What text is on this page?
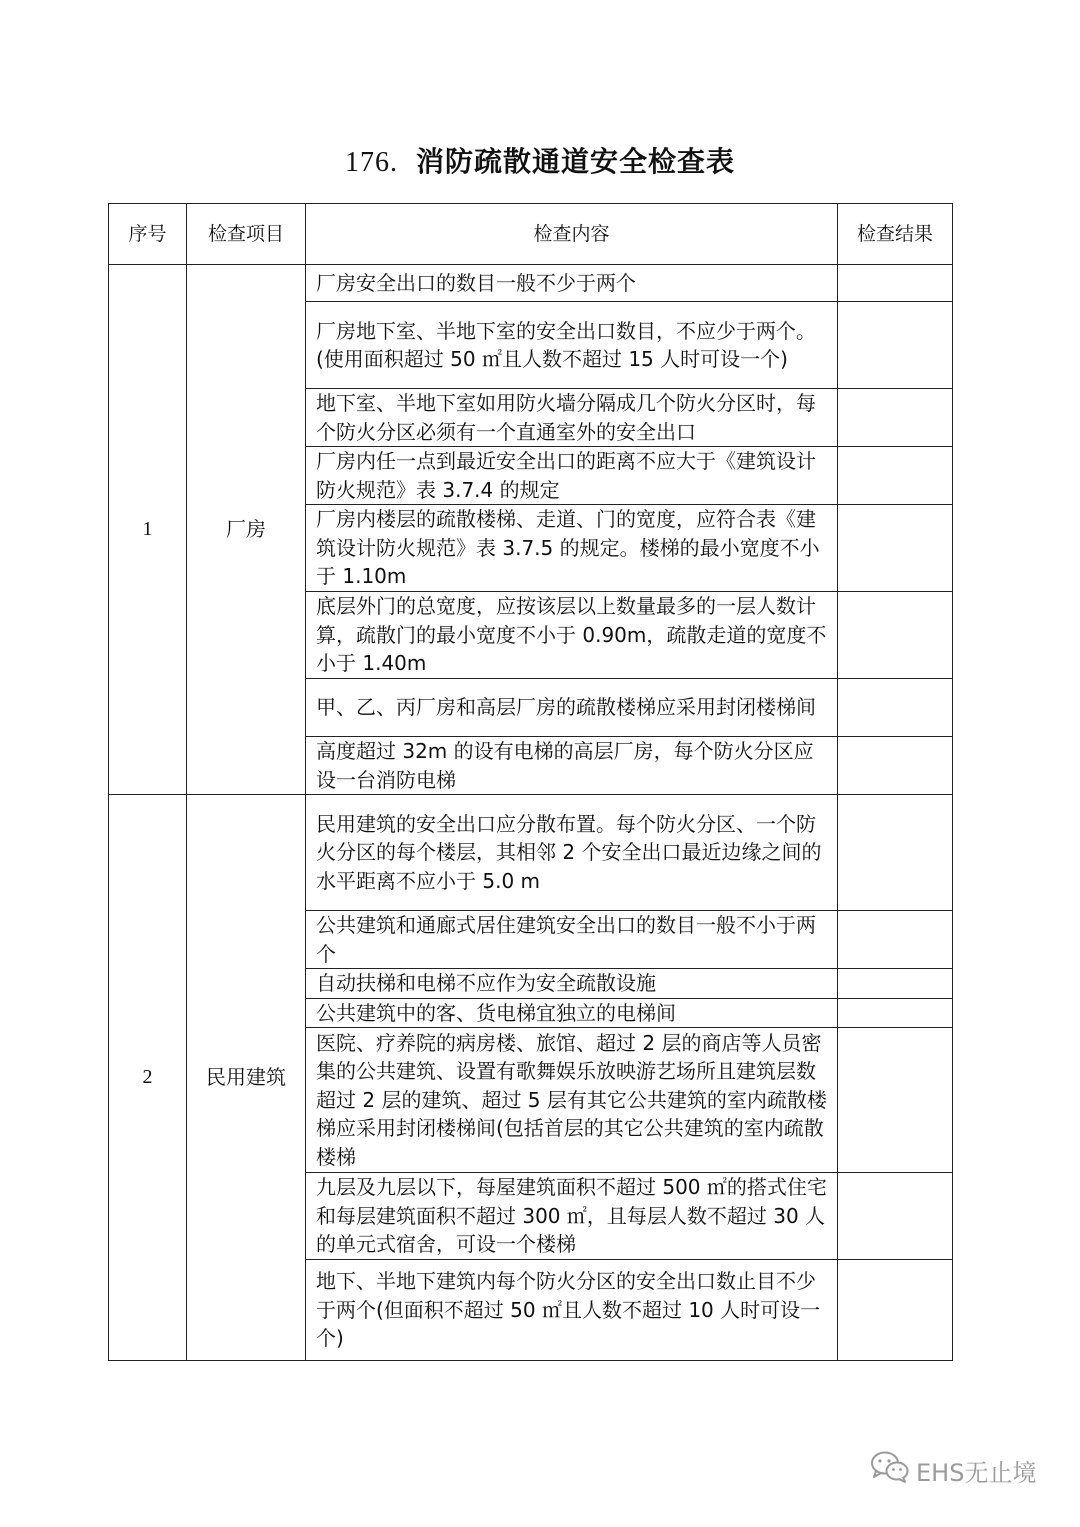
176. 消防疏散通道安全检查表
序号	检查项目	检查内容	检查结果
1	厂房	厂房安全出口的数目一般不少于两个	
		厂房地下室、半地下室的安全出口数目，不应少于两个。(使用面积超过 50 ㎡且人数不超过 15 人时可设一个)	
		地下室、半地下室如用防火墙分隔成几个防火分区时，每个防火分区必须有一个直通室外的安全出口	
		厂房内任一点到最近安全出口的距离不应大于《建筑设计防火规范》表 3.7.4 的规定	
		厂房内楼层的疏散楼梯、走道、门的宽度，应符合表《建筑设计防火规范》表 3.7.5 的规定。楼梯的最小宽度不小于 1.10m	
		底层外门的总宽度，应按该层以上数量最多的一层人数计算，疏散门的最小宽度不小于 0.90m，疏散走道的宽度不小于 1.40m	
		甲、乙、丙厂房和高层厂房的疏散楼梯应采用封闭楼梯间	
		高度超过 32m 的设有电梯的高层厂房，每个防火分区应设一台消防电梯	
2	民用建筑	民用建筑的安全出口应分散布置。每个防火分区、一个防火分区的每个楼层，其相邻 2 个安全出口最近边缘之间的水平距离不应小于 5.0 m	
		公共建筑和通廊式居住建筑安全出口的数目一般不小于两个	
		自动扶梯和电梯不应作为安全疏散设施	
		公共建筑中的客、货电梯宜独立的电梯间	
		医院、疗养院的病房楼、旅馆、超过 2 层的商店等人员密集的公共建筑、设置有歌舞娱乐放映游艺场所且建筑层数超过 2 层的建筑、超过 5 层有其它公共建筑的室内疏散楼梯应采用封闭楼梯间(包括首层的其它公共建筑的室内疏散楼梯	
		九层及九层以下，每屋建筑面积不超过 500 ㎡的搭式住宅和每层建筑面积不超过 300 ㎡，且每层人数不超过 30 人的单元式宿舍，可设一个楼梯	
		地下、半地下建筑内每个防火分区的安全出口数止目不少于两个(但面积不超过 50 ㎡且人数不超过 10 人时可设一个)	
EHS无止境
